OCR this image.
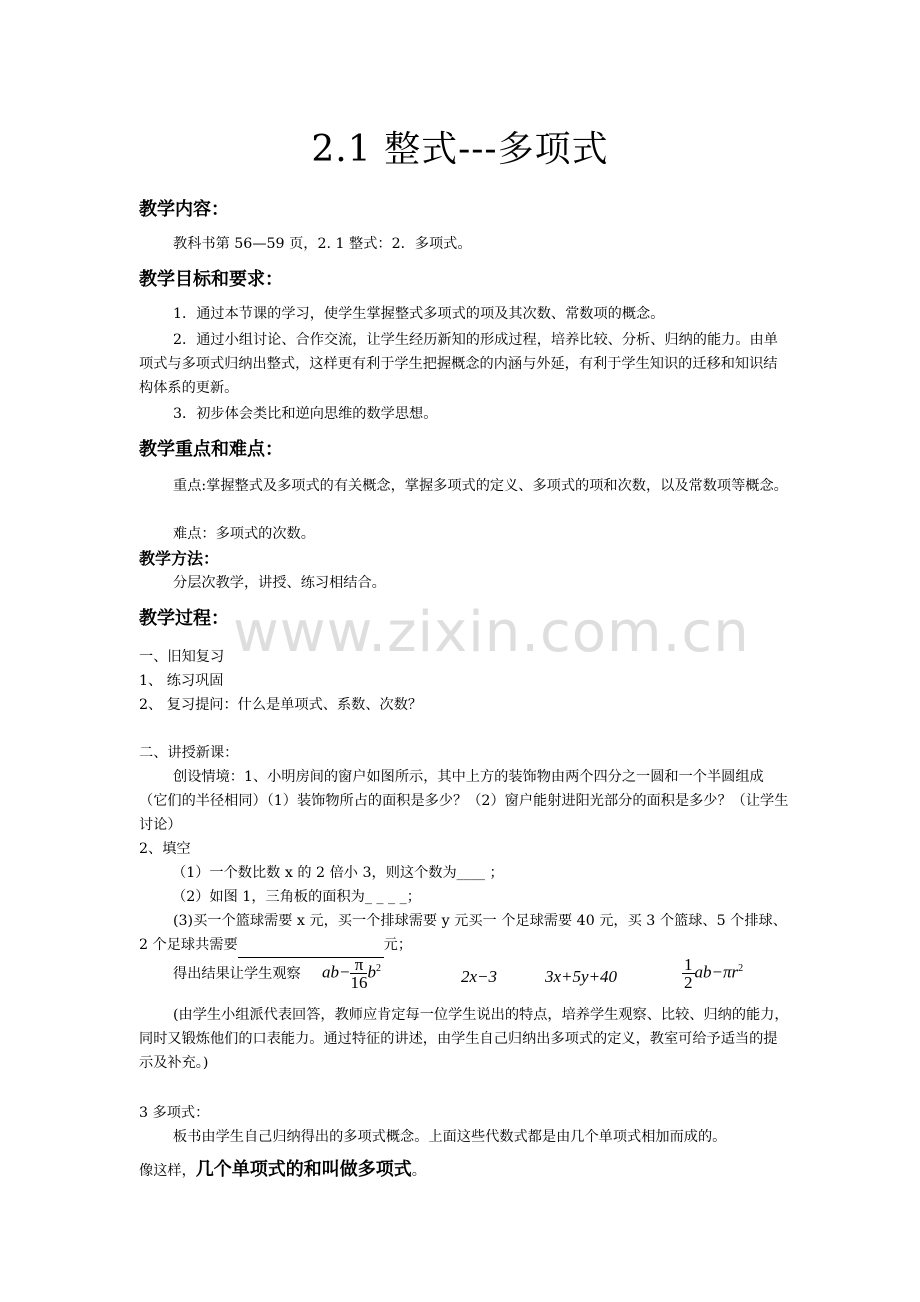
www.zixin.com.cn
2.1 整式---多项式
教学内容：
教科书第 56—59 页，2. 1 整式：2．多项式。
教学目标和要求：
1．通过本节课的学习，使学生掌握整式多项式的项及其次数、常数项的概念。
2．通过小组讨论、合作交流，让学生经历新知的形成过程，培养比较、分析、归纳的能力。由单项式与多项式归纳出整式，这样更有利于学生把握概念的内涵与外延，有利于学生知识的迁移和知识结构体系的更新。
3．初步体会类比和逆向思维的数学思想。
教学重点和难点：
重点:掌握整式及多项式的有关概念，掌握多项式的定义、多项式的项和次数，以及常数项等概念。
难点：多项式的次数。
教学方法：
分层次教学，讲授、练习相结合。
教学过程：
一、旧知复习
1、 练习巩固
2、 复习提问：什么是单项式、系数、次数？
二、讲授新课：
创设情境：1、小明房间的窗户如图所示，其中上方的装饰物由两个四分之一圆和一个半圆组成（它们的半径相同）（1）装饰物所占的面积是多少？（2）窗户能射进阳光部分的面积是多少？（让学生讨论）
2、填空
（1）一个数比数 x 的 2 倍小 3，则这个数为____ ；
（2）如图 1，三角板的面积为_ _ _ _；
(3)买一个篮球需要 x 元，买一个排球需要 y 元买一 个足球需要 40 元，买 3 个篮球、5 个排球、2 个足球共需要	元；
得出结果让学生观察	$ab- \frac{\pi}{16} b^2$	2x−3	3x+5y+40	$\frac{1}{2} ab-\pi r^2$
(由学生小组派代表回答，教师应肯定每一位学生说出的特点，培养学生观察、比较、归纳的能力，同时又锻炼他们的口表能力。通过特征的讲述，由学生自己归纳出多项式的定义，教室可给予适当的提示及补充。)
3 多项式：
板书由学生自己归纳得出的多项式概念。上面这些代数式都是由几个单项式相加而成的。
像这样，几个单项式的和叫做多项式。
